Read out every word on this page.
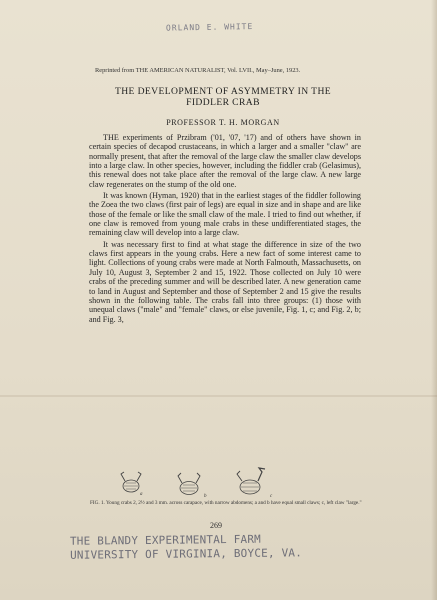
ORLAND E. WHITE
Reprinted from THE AMERICAN NATURALIST, Vol. LVII., May–June, 1923.
THE DEVELOPMENT OF ASYMMETRY IN THE
FIDDLER CRAB
PROFESSOR T. H. MORGAN

THE experiments of Przibram ('01, '07, '17) and of others have shown in certain species of decapod crustaceans, in which a larger and a smaller "claw" are normally present, that after the removal of the large claw the smaller claw develops into a large claw. In other species, however, including the fiddler crab (Gelasimus), this renewal does not take place after the removal of the large claw. A new large claw regenerates on the stump of the old one.

It was known (Hyman, 1920) that in the earliest stages of the fiddler following the Zoea the two claws (first pair of legs) are equal in size and in shape and are like those of the female or like the small claw of the male. I tried to find out whether, if one claw is removed from young male crabs in these undifferentiated stages, the remaining claw will develop into a large claw.

It was necessary first to find at what stage the difference in size of the two claws first appears in the young crabs. Here a new fact of some interest came to light. Collections of young crabs were made at North Falmouth, Massachusetts, on July 10, August 3, September 2 and 15, 1922. Those collected on July 10 were crabs of the preceding summer and will be described later. A new generation came to land in August and September and those of September 2 and 15 give the results shown in the following table. The crabs fall into three groups: (1) those with unequal claws ("male" and "female" claws, or else juvenile, Fig. 1, c; and Fig. 2, b; and Fig. 3,

a	b	c
FIG. 1. Young crabs 2, 2½ and 3 mm. across carapace, with narrow abdomens; a and b have equal small claws; c, left claw "large."
269
THE BLANDY EXPERIMENTAL FARM
UNIVERSITY OF VIRGINIA, BOYCE, VA.
